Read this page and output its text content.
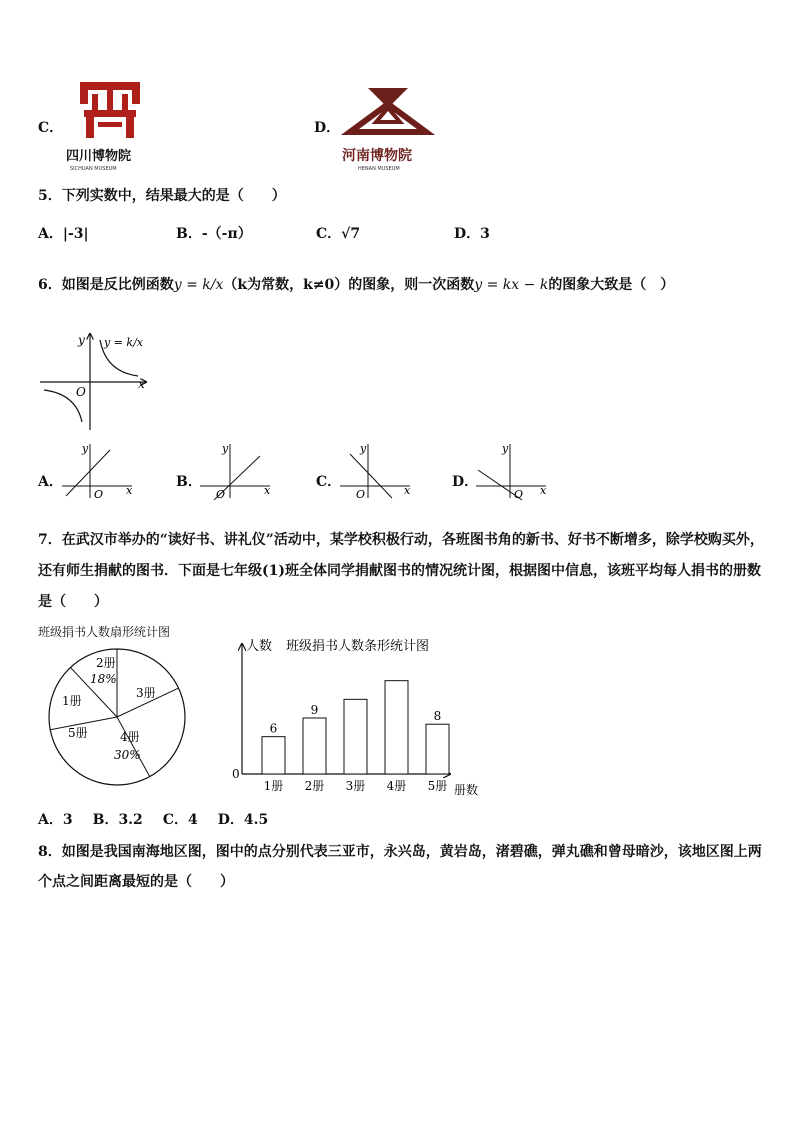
C．
四川博物院
SICHUAN MUSEUM
D．
河南博物院
HENAN MUSEUM
5．下列实数中，结果最大的是（　　）
A．|-3|	B．-（-π）	C．√7	D．3
6．如图是反比例函数y = k/x（k为常数，k≠0）的图象，则一次函数y = kx − k的图象大致是（　）
x
y
O
y = k/x
A．
x
y
O
B．
x
y
O
C．
x
y
O
D．
x
y
O
7．在武汉市举办的“读好书、讲礼仪”活动中，某学校积极行动，各班图书角的新书、好书不断增多，除学校购买外，
还有师生捐献的图书．下面是七年级(1)班全体同学捐献图书的情况统计图，根据图中信息，该班平均每人捐书的册数
是（　　）
班级捐书人数扇形统计图
2册
18%
3册
1册
5册	4册
30%
人数 班级捐书人数条形统计图
0
册数
6
1册
9
2册 3册 4册
8
5册
A．3 B．3.2 C．4 D．4.5
8．如图是我国南海地区图，图中的点分别代表三亚市，永兴岛，黄岩岛，渚碧礁，弹丸礁和曾母暗沙，该地区图上两
个点之间距离最短的是（　　）
